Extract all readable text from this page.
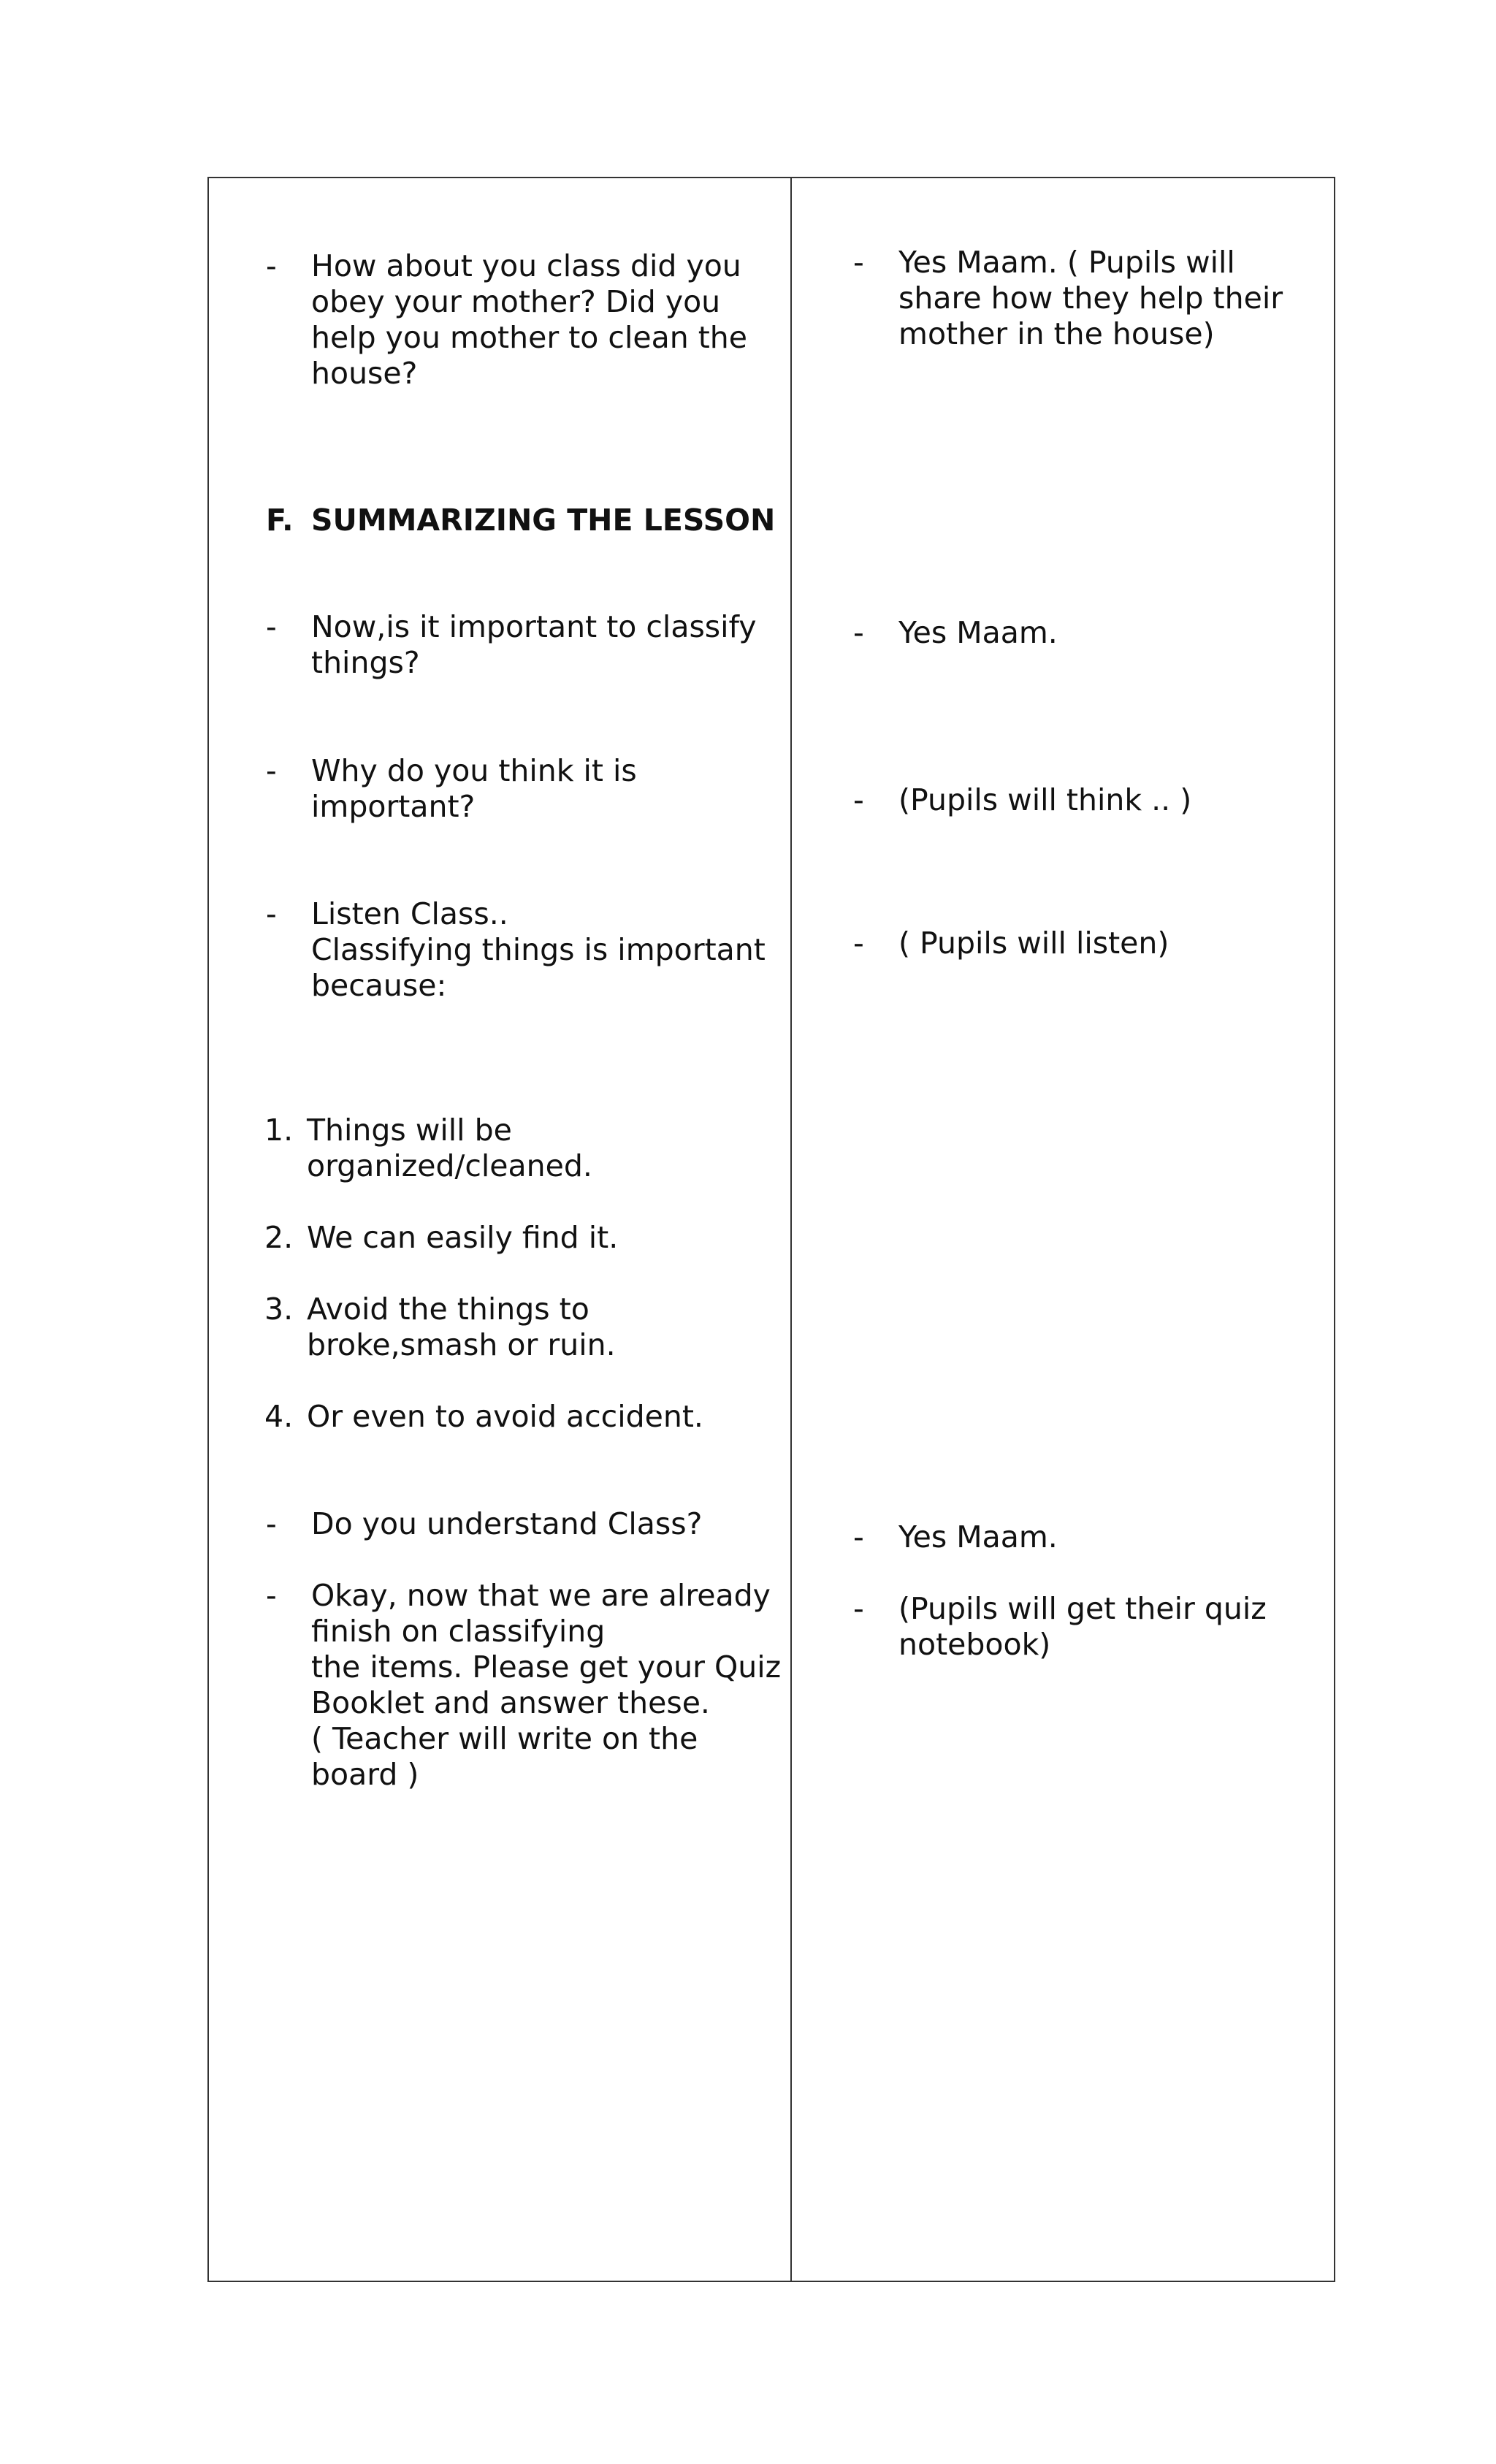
- How about you class did you
obey your mother? Did you
help you mother to clean the
house?
F. SUMMARIZING THE LESSON
- Now,is it important to classify
things?
- Why do you think it is
important?
- Listen Class..
Classifying things is important
because:
1. Things will be
organized/cleaned.
2. We can easily find it.
3. Avoid the things to
broke,smash or ruin.
4. Or even to avoid accident.
- Do you understand Class?
- Okay, now that we are already
finish on classifying
the items. Please get your Quiz
Booklet and answer these.
( Teacher will write on the
board )
- Yes Maam. ( Pupils will
share how they help their
mother in the house)
- Yes Maam.
- (Pupils will think .. )
- ( Pupils will listen)
- Yes Maam.
- (Pupils will get their quiz
notebook)
